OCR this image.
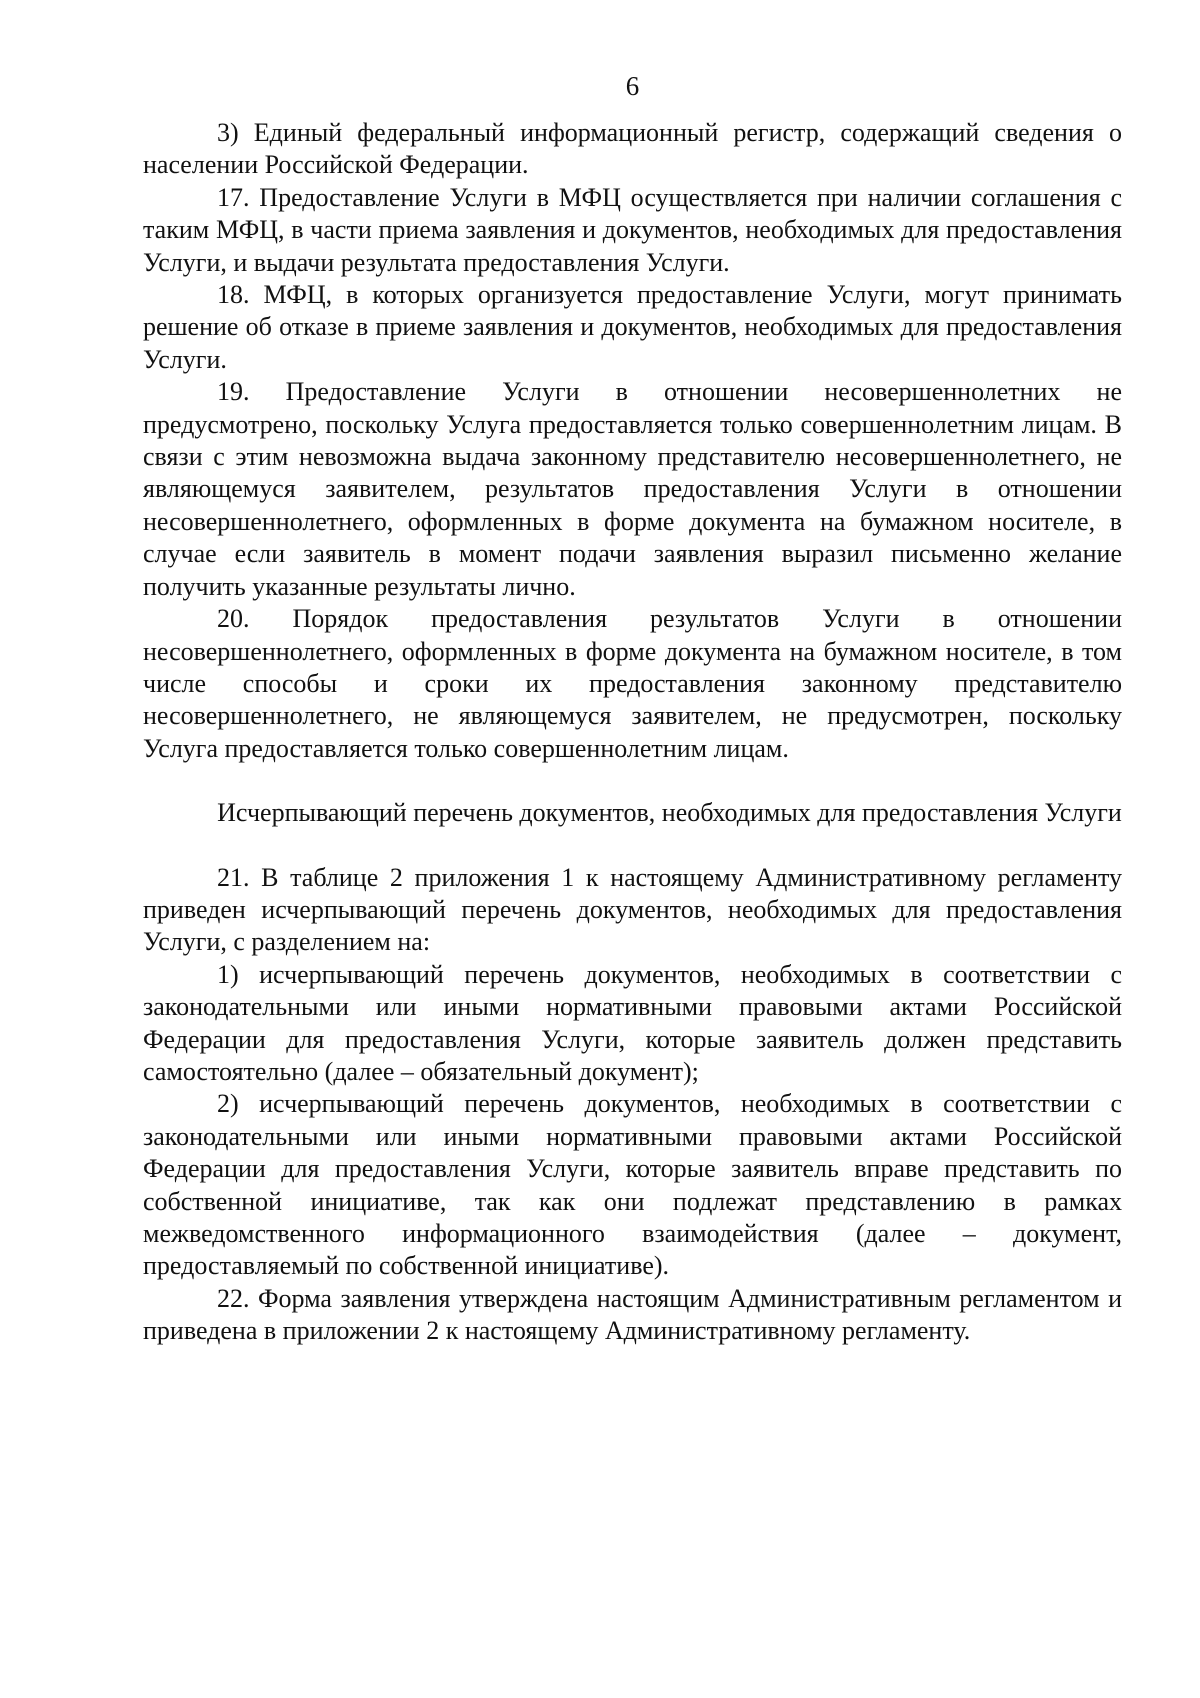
6

3) Единый федеральный информационный регистр, содержащий сведения о населении Российской Федерации.

17. Предоставление Услуги в МФЦ осуществляется при наличии соглашения с таким МФЦ, в части приема заявления и документов, необходимых для предоставления Услуги, и выдачи результата предоставления Услуги.

18. МФЦ, в которых организуется предоставление Услуги, могут принимать решение об отказе в приеме заявления и документов, необходимых для предоставления Услуги.

19. Предоставление Услуги в отношении несовершеннолетних не предусмотрено, поскольку Услуга предоставляется только совершеннолетним лицам. В связи с этим невозможна выдача законному представителю несовершеннолетнего, не являющемуся заявителем, результатов предоставления Услуги в отношении несовершеннолетнего, оформленных в форме документа на бумажном носителе, в случае если заявитель в момент подачи заявления выразил письменно желание получить указанные результаты лично.

20. Порядок предоставления результатов Услуги в отношении несовершеннолетнего, оформленных в форме документа на бумажном носителе, в том числе способы и сроки их предоставления законному представителю несовершеннолетнего, не являющемуся заявителем, не предусмотрен, поскольку Услуга предоставляется только совершеннолетним лицам.

Исчерпывающий перечень документов, необходимых для предоставления Услуги

21. В таблице 2 приложения 1 к настоящему Административному регламенту приведен исчерпывающий перечень документов, необходимых для предоставления Услуги, с разделением на:

1) исчерпывающий перечень документов, необходимых в соответствии с законодательными или иными нормативными правовыми актами Российской Федерации для предоставления Услуги, которые заявитель должен представить самостоятельно (далее – обязательный документ);

2) исчерпывающий перечень документов, необходимых в соответствии с законодательными или иными нормативными правовыми актами Российской Федерации для предоставления Услуги, которые заявитель вправе представить по собственной инициативе, так как они подлежат представлению в рамках межведомственного информационного взаимодействия (далее – документ, предоставляемый по собственной инициативе).

22. Форма заявления утверждена настоящим Административным регламентом и приведена в приложении 2 к настоящему Административному регламенту.
